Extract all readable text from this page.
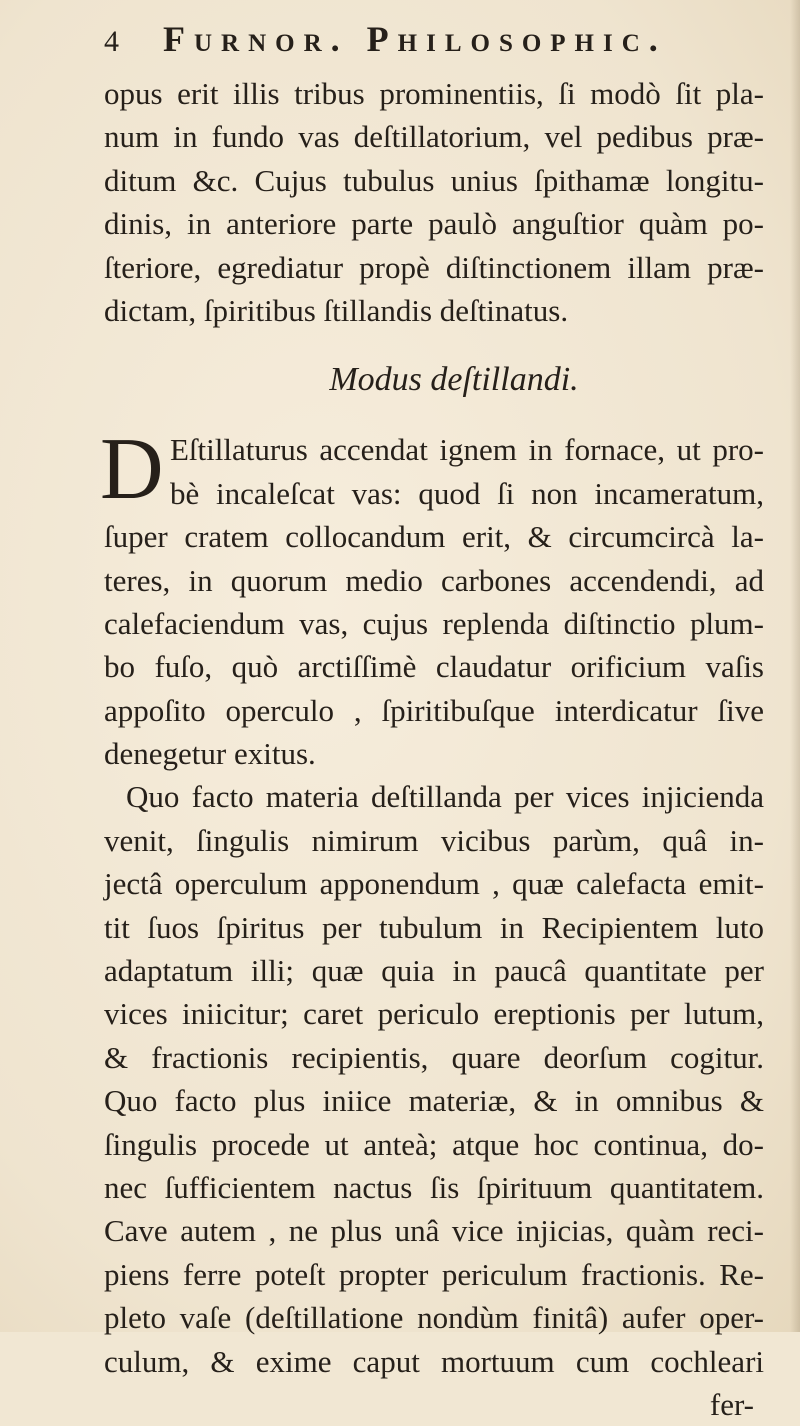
4 Furnor. Philosophic.
opus erit illis tribus prominentiis, ſi modò ſit pla-
num in fundo vas deſtillatorium, vel pedibus præ-
ditum &c. Cujus tubulus unius ſpithamæ longitu-
dinis, in anteriore parte paulò anguſtior quàm po-
ſteriore, egrediatur propè diſtinctionem illam præ-
dictam, ſpiritibus ſtillandis deſtinatus.
Modus deſtillandi.
D Eſtillaturus accendat ignem in fornace, ut pro-
bè incaleſcat vas: quod ſi non incameratum,
ſuper cratem collocandum erit, & circumcircà la-
teres, in quorum medio carbones accendendi, ad
calefaciendum vas, cujus replenda diſtinctio plum-
bo fuſo, quò arctiſſimè claudatur orificium vaſis
appoſito operculo , ſpiritibuſque interdicatur ſive
denegetur exitus.
Quo facto materia deſtillanda per vices injicienda
venit, ſingulis nimirum vicibus parùm, quâ in-
jectâ operculum apponendum , quæ calefacta emit-
tit ſuos ſpiritus per tubulum in Recipientem luto
adaptatum illi; quæ quia in paucâ quantitate per
vices iniicitur; caret periculo ereptionis per lutum,
& fractionis recipientis, quare deorſum cogitur.
Quo facto plus iniice materiæ, & in omnibus &
ſingulis procede ut anteà; atque hoc continua, do-
nec ſufficientem nactus ſis ſpirituum quantitatem.
Cave autem , ne plus unâ vice injicias, quàm reci-
piens ferre poteſt propter periculum fractionis. Re-
pleto vaſe (deſtillatione nondùm finitâ) aufer oper-
culum, & exime caput mortuum cum cochleari
fer-
